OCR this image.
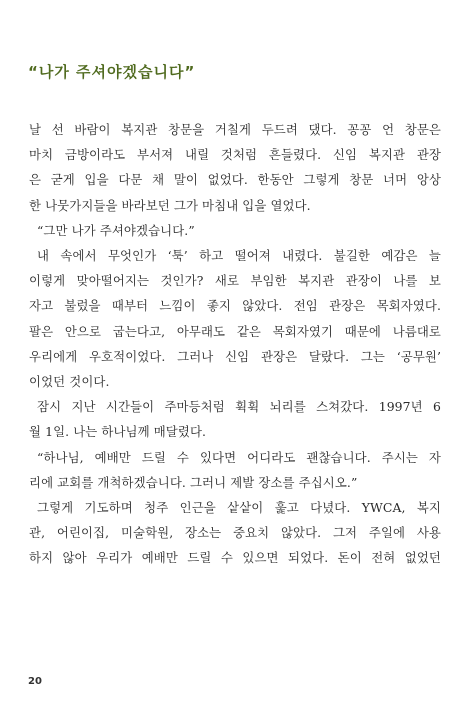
“나가 주셔야겠습니다”

날 선 바람이 복지관 창문을 거칠게 두드려 댔다. 꽁꽁 언 창문은
마치 금방이라도 부서져 내릴 것처럼 흔들렸다. 신임 복지관 관장
은 굳게 입을 다문 채 말이 없었다. 한동안 그렇게 창문 너머 앙상
한 나뭇가지들을 바라보던 그가 마침내 입을 열었다.

“그만 나가 주셔야겠습니다.”

내 속에서 무엇인가 ‘툭’ 하고 떨어져 내렸다. 불길한 예감은 늘
이렇게 맞아떨어지는 것인가? 새로 부임한 복지관 관장이 나를 보
자고 불렀을 때부터 느낌이 좋지 않았다. 전임 관장은 목회자였다.
팔은 안으로 굽는다고, 아무래도 같은 목회자였기 때문에 나름대로
우리에게 우호적이었다. 그러나 신임 관장은 달랐다. 그는 ‘공무원’
이었던 것이다.

잠시 지난 시간들이 주마등처럼 휙휙 뇌리를 스쳐갔다. 1997년 6
월 1일. 나는 하나님께 매달렸다.

“하나님, 예배만 드릴 수 있다면 어디라도 괜찮습니다. 주시는 자
리에 교회를 개척하겠습니다. 그러니 제발 장소를 주십시오.”

그렇게 기도하며 청주 인근을 샅샅이 훑고 다녔다. YWCA, 복지
관, 어린이집, 미술학원, 장소는 중요치 않았다. 그저 주일에 사용
하지 않아 우리가 예배만 드릴 수 있으면 되었다. 돈이 전혀 없었던

20
